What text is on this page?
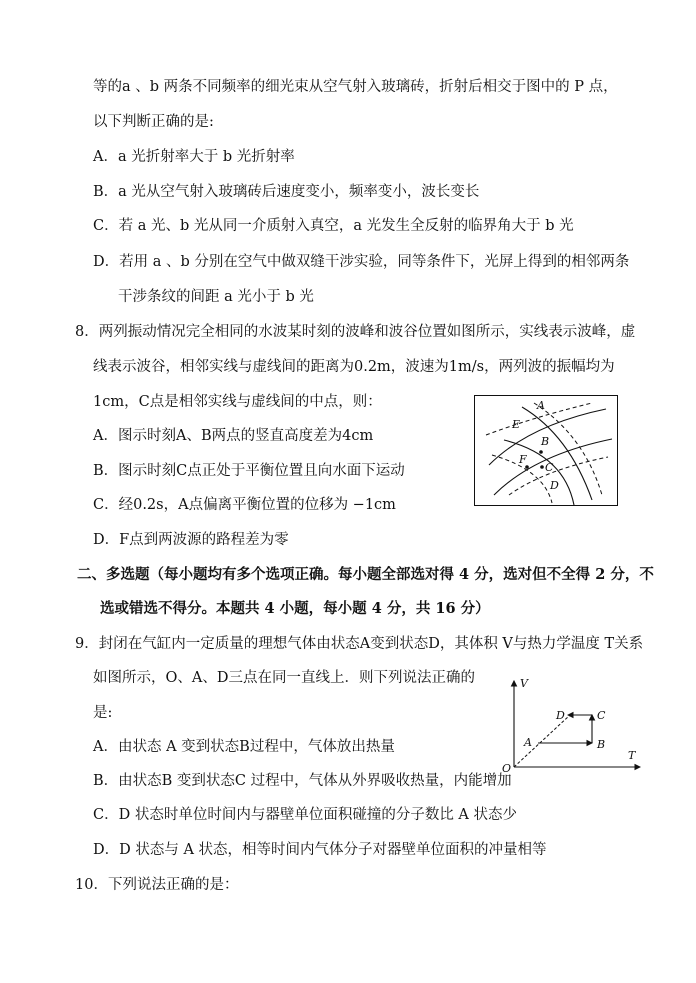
等的a 、b 两条不同频率的细光束从空气射入玻璃砖，折射后相交于图中的 P 点，
以下判断正确的是:
A．a 光折射率大于 b 光折射率
B．a 光从空气射入玻璃砖后速度变小，频率变小，波长变长
C．若 a 光、b 光从同一介质射入真空，a 光发生全反射的临界角大于 b 光
D．若用 a 、b 分别在空气中做双缝干涉实验，同等条件下，光屏上得到的相邻两条
干涉条纹的间距 a 光小于 b 光
8．两列振动情况完全相同的水波某时刻的波峰和波谷位置如图所示，实线表示波峰，虚
线表示波谷，相邻实线与虚线间的距离为0.2m，波速为1m/s，两列波的振幅均为
1cm，C点是相邻实线与虚线间的中点，则：
A．图示时刻A、B两点的竖直高度差为4cm
B．图示时刻C点正处于平衡位置且向水面下运动
C．经0.2s，A点偏离平衡位置的位移为 −1cm
D．F点到两波源的路程差为零
二、多选题（每小题均有多个选项正确。每小题全部选对得 4 分，选对但不全得 2 分，不
选或错选不得分。本题共 4 小题，每小题 4 分，共 16 分）
9．封闭在气缸内一定质量的理想气体由状态A变到状态D，其体积 V与热力学温度 T关系
如图所示，O、A、D三点在同一直线上．则下列说法正确的
是:
A．由状态 A 变到状态B过程中，气体放出热量
B．由状态B 变到状态C 过程中，气体从外界吸收热量，内能增加
C．D 状态时单位时间内与器壁单位面积碰撞的分子数比 A 状态少
D．D 状态与 A 状态，相等时间内气体分子对器壁单位面积的冲量相等
10．下列说法正确的是：
A
E
B
F
C
D
V
T
O
A	B
C
D
